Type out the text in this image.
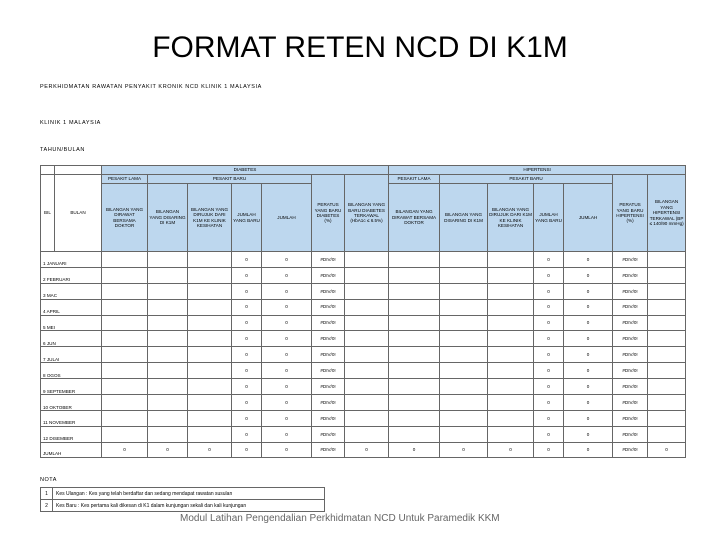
FORMAT RETEN NCD DI K1M
PERKHIDMATAN RAWATAN PENYAKIT KRONIK NCD KLINIK 1 MALAYSIA
KLINIK 1 MALAYSIA
TAHUN/BULAN
		DIABETES							HIPERTENSI						
BIL	BULAN	PESAKIT LAMA	PESAKIT BARU				PERATUS YANG BARU DIABETES (%)	BILANGAN YANG BARU DIABETES TERKAWAL (HbA1c ≤ 6.5%)	PESAKIT LAMA	PESAKIT BARU				PERATUS YANG BARU HIPERTENSI (%)	BILANGAN YANG HIPERTENSI TERKAWAL (BP ≤ 140/90 mmHg)
		BILANGAN YANG DIRAWAT BERSAMA DOKTOR	BILANGAN YANG DISARING DI K1M	BILANGAN YANG DIRUJUK DARI K1M KE KLINIK KESIHATAN	JUMLAH YANG BARU	JUMLAH			BILANGAN YANG DIRAWAT BERSAMA DOKTOR	BILANGAN YANG DISARING DI K1M	BILANGAN YANG DIRUJUK DARI K1M KE KLINIK KESIHATAN	JUMLAH YANG BARU	JUMLAH		
1 JANUARI					0	0	#DIV/0!					0	0	#DIV/0!	
2 FEBRUARI					0	0	#DIV/0!					0	0	#DIV/0!	
3 MAC					0	0	#DIV/0!					0	0	#DIV/0!	
4 APRIL					0	0	#DIV/0!					0	0	#DIV/0!	
5 MEI					0	0	#DIV/0!					0	0	#DIV/0!	
6 JUN					0	0	#DIV/0!					0	0	#DIV/0!	
7 JULAI					0	0	#DIV/0!					0	0	#DIV/0!	
8 OGOS					0	0	#DIV/0!					0	0	#DIV/0!	
9 SEPTEMBER					0	0	#DIV/0!					0	0	#DIV/0!	
10 OKTOBER					0	0	#DIV/0!					0	0	#DIV/0!	
11 NOVEMBER					0	0	#DIV/0!					0	0	#DIV/0!	
12 DISEMBER					0	0	#DIV/0!					0	0	#DIV/0!	
JUMLAH		0	0	0	0	0	#DIV/0!	0	0	0	0	0	0	#DIV/0!	0
NOTA
1	Kes Ulangan : Kes yang telah berdaftar dan sedang mendapat rawatan susulan
2	Kes Baru : Kes pertama kali dikesan di K1 dalam kunjungan sekali dan kali kunjungan
Modul Latihan Pengendalian Perkhidmatan NCD Untuk Paramedik KKM
